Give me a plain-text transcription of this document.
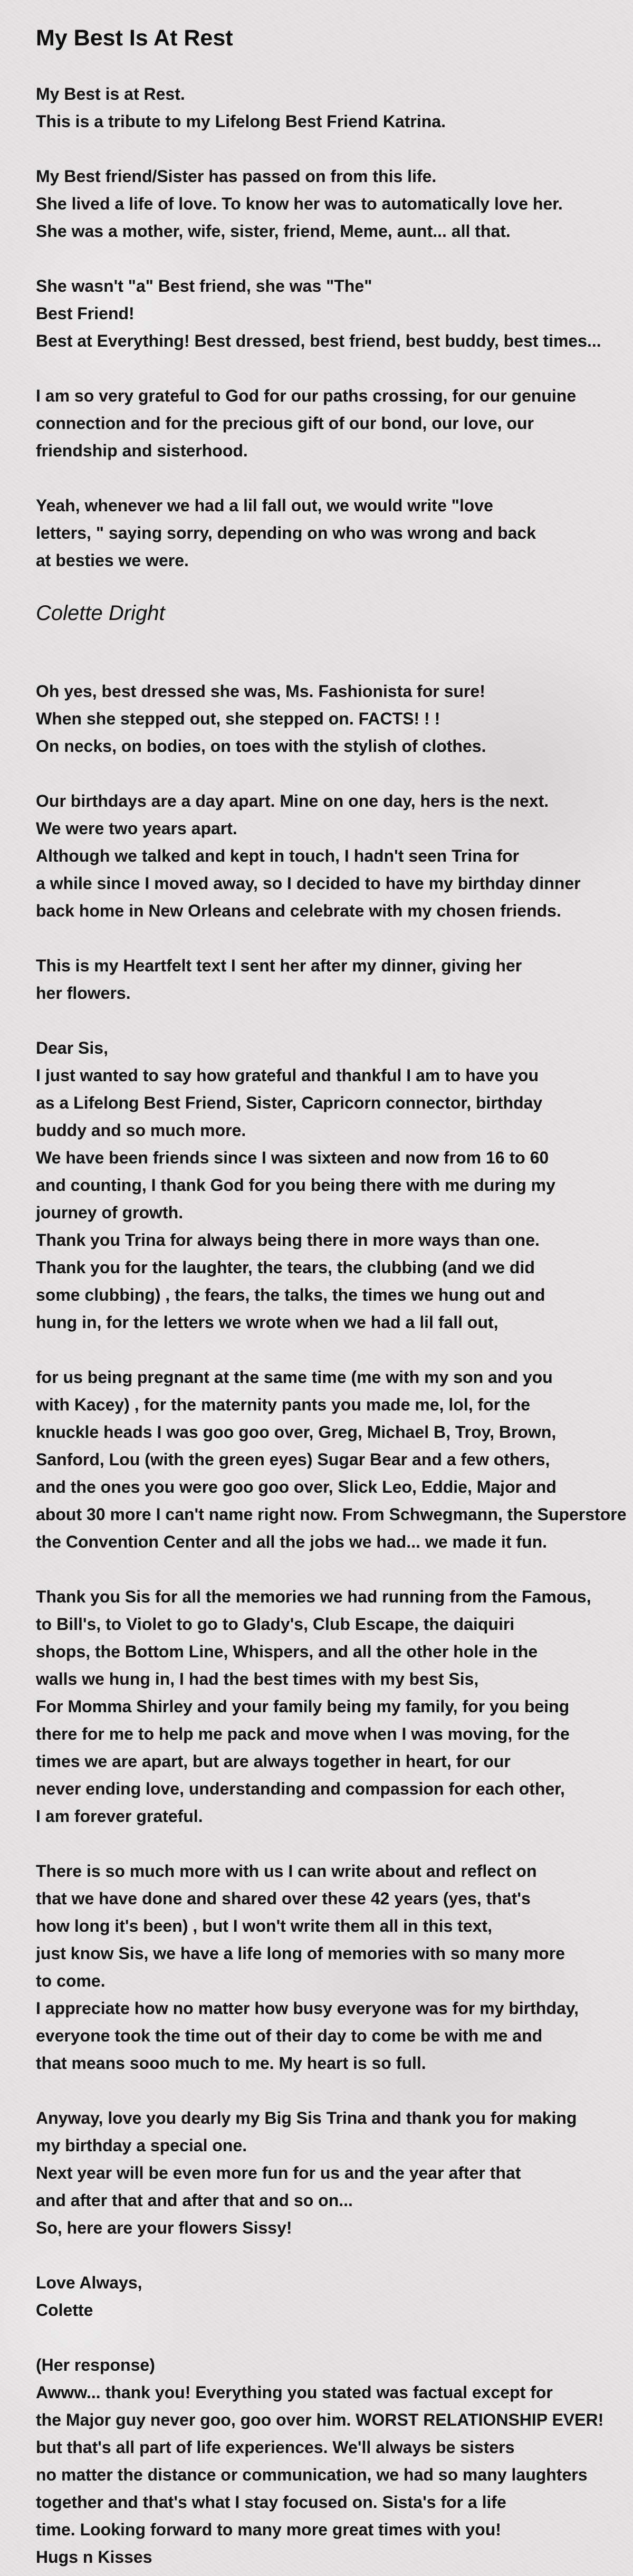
My Best Is At Rest

My Best is at Rest.
This is a tribute to my Lifelong Best Friend Katrina.

My Best friend/Sister has passed on from this life.
She lived a life of love. To know her was to automatically love her.
She was a mother, wife, sister, friend, Meme, aunt... all that.

She wasn't "a" Best friend, she was "The"
Best Friend!
Best at Everything! Best dressed, best friend, best buddy, best times...

I am so very grateful to God for our paths crossing, for our genuine
connection and for the precious gift of our bond, our love, our
friendship and sisterhood.

Yeah, whenever we had a lil fall out, we would write "love
letters, " saying sorry, depending on who was wrong and back
at besties we were.

Colette Dright

Oh yes, best dressed she was, Ms. Fashionista for sure!
When she stepped out, she stepped on. FACTS! ! !
On necks, on bodies, on toes with the stylish of clothes.

Our birthdays are a day apart. Mine on one day, hers is the next.
We were two years apart.
Although we talked and kept in touch, I hadn't seen Trina for
a while since I moved away, so I decided to have my birthday dinner
back home in New Orleans and celebrate with my chosen friends.

This is my Heartfelt text I sent her after my dinner, giving her
her flowers.

Dear Sis,
I just wanted to say how grateful and thankful I am to have you
as a Lifelong Best Friend, Sister, Capricorn connector, birthday
buddy and so much more.
We have been friends since I was sixteen and now from 16 to 60
and counting, I thank God for you being there with me during my
journey of growth.
Thank you Trina for always being there in more ways than one.
Thank you for the laughter, the tears, the clubbing (and we did
some clubbing) , the fears, the talks, the times we hung out and
hung in, for the letters we wrote when we had a lil fall out,

for us being pregnant at the same time (me with my son and you
with Kacey) , for the maternity pants you made me, lol, for the
knuckle heads I was goo goo over, Greg, Michael B, Troy, Brown,
Sanford, Lou (with the green eyes) Sugar Bear and a few others,
and the ones you were goo goo over, Slick Leo, Eddie, Major and
about 30 more I can't name right now. From Schwegmann, the Superstore
the Convention Center and all the jobs we had... we made it fun.

Thank you Sis for all the memories we had running from the Famous,
to Bill's, to Violet to go to Glady's, Club Escape, the daiquiri
shops, the Bottom Line, Whispers, and all the other hole in the
walls we hung in, I had the best times with my best Sis,
For Momma Shirley and your family being my family, for you being
there for me to help me pack and move when I was moving, for the
times we are apart, but are always together in heart, for our
never ending love, understanding and compassion for each other,
I am forever grateful.

There is so much more with us I can write about and reflect on
that we have done and shared over these 42 years (yes, that's
how long it's been) , but I won't write them all in this text,
just know Sis, we have a life long of memories with so many more
to come.
I appreciate how no matter how busy everyone was for my birthday,
everyone took the time out of their day to come be with me and
that means sooo much to me. My heart is so full.

Anyway, love you dearly my Big Sis Trina and thank you for making
my birthday a special one.
Next year will be even more fun for us and the year after that
and after that and after that and so on...
So, here are your flowers Sissy!

Love Always,
Colette

(Her response)
Awww... thank you! Everything you stated was factual except for
the Major guy never goo, goo over him. WORST RELATIONSHIP EVER!
but that's all part of life experiences. We'll always be sisters
no matter the distance or communication, we had so many laughters
together and that's what I stay focused on. Sista's for a life
time. Looking forward to many more great times with you!
Hugs n Kisses
